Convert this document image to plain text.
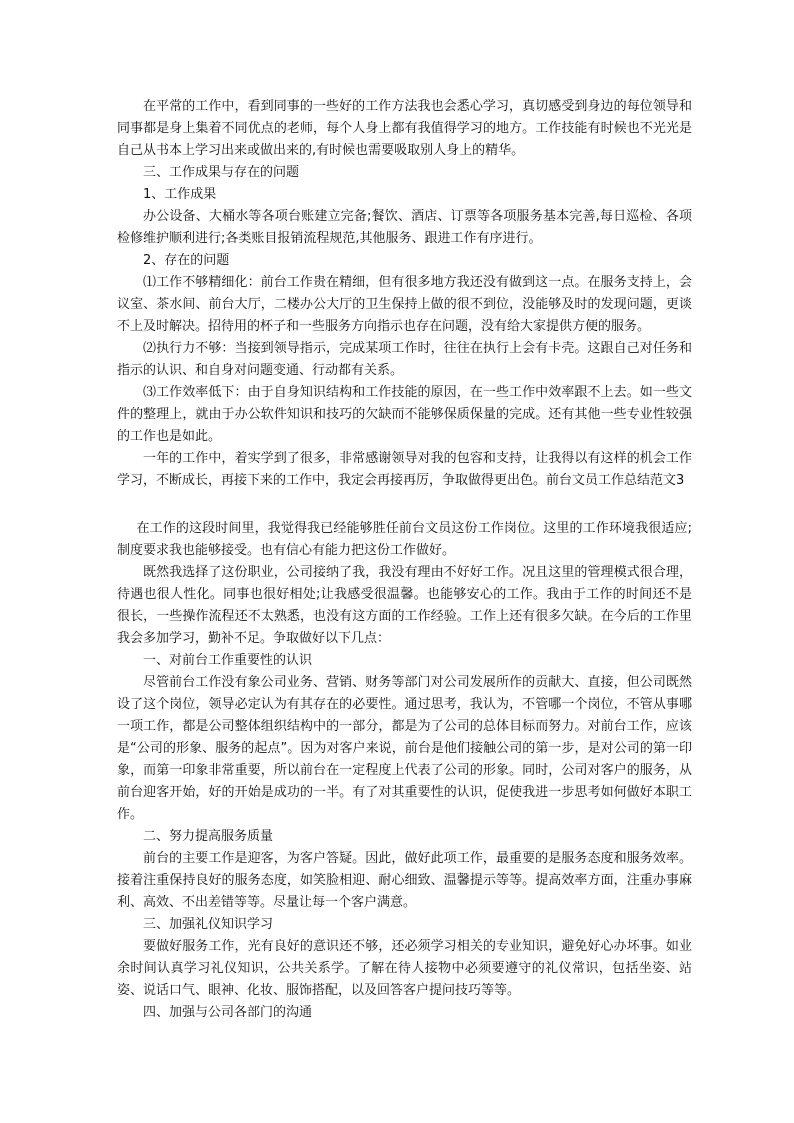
在平常的工作中，看到同事的一些好的工作方法我也会悉心学习，真切感受到身边的每位领导和同事都是身上集着不同优点的老师，每个人身上都有我值得学习的地方。工作技能有时候也不光光是自己从书本上学习出来或做出来的,有时候也需要吸取别人身上的精华。

三、工作成果与存在的问题

1、工作成果

办公设备、大桶水等各项台账建立完备;餐饮、酒店、订票等各项服务基本完善,每日巡检、各项检修维护顺利进行;各类账目报销流程规范,其他服务、跟进工作有序进行。

2、存在的问题

⑴工作不够精细化：前台工作贵在精细，但有很多地方我还没有做到这一点。在服务支持上，会议室、茶水间、前台大厅，二楼办公大厅的卫生保持上做的很不到位，没能够及时的发现问题，更谈不上及时解决。招待用的杯子和一些服务方向指示也存在问题，没有给大家提供方便的服务。

⑵执行力不够：当接到领导指示，完成某项工作时，往往在执行上会有卡壳。这跟自己对任务和指示的认识、和自身对问题变通、行动都有关系。

⑶工作效率低下：由于自身知识结构和工作技能的原因，在一些工作中效率跟不上去。如一些文件的整理上，就由于办公软件知识和技巧的欠缺而不能够保质保量的完成。还有其他一些专业性较强的工作也是如此。

一年的工作中，着实学到了很多，非常感谢领导对我的包容和支持，让我得以有这样的机会工作学习，不断成长，再接下来的工作中，我定会再接再厉，争取做得更出色。前台文员工作总结范文3

在工作的这段时间里，我觉得我已经能够胜任前台文员这份工作岗位。这里的工作环境我很适应;制度要求我也能够接受。也有信心有能力把这份工作做好。

既然我选择了这份职业，公司接纳了我，我没有理由不好好工作。况且这里的管理模式很合理，待遇也很人性化。同事也很好相处;让我感受很温馨。也能够安心的工作。我由于工作的时间还不是很长，一些操作流程还不太熟悉，也没有这方面的工作经验。工作上还有很多欠缺。在今后的工作里我会多加学习，勤补不足。争取做好以下几点：

一、对前台工作重要性的认识

尽管前台工作没有象公司业务、营销、财务等部门对公司发展所作的贡献大、直接，但公司既然设了这个岗位，领导必定认为有其存在的必要性。通过思考，我认为，不管哪一个岗位，不管从事哪一项工作，都是公司整体组织结构中的一部分，都是为了公司的总体目标而努力。对前台工作，应该是“公司的形象、服务的起点”。因为对客户来说，前台是他们接触公司的第一步，是对公司的第一印象，而第一印象非常重要，所以前台在一定程度上代表了公司的形象。同时，公司对客户的服务，从前台迎客开始，好的开始是成功的一半。有了对其重要性的认识，促使我进一步思考如何做好本职工作。

二、努力提高服务质量

前台的主要工作是迎客，为客户答疑。因此，做好此项工作，最重要的是服务态度和服务效率。接着注重保持良好的服务态度，如笑脸相迎、耐心细致、温馨提示等等。提高效率方面，注重办事麻利、高效、不出差错等等。尽量让每一个客户满意。

三、加强礼仪知识学习

要做好服务工作，光有良好的意识还不够，还必须学习相关的专业知识，避免好心办坏事。如业余时间认真学习礼仪知识，公共关系学。了解在待人接物中必须要遵守的礼仪常识，包括坐姿、站姿、说话口气、眼神、化妆、服饰搭配，以及回答客户提问技巧等等。

四、加强与公司各部门的沟通
